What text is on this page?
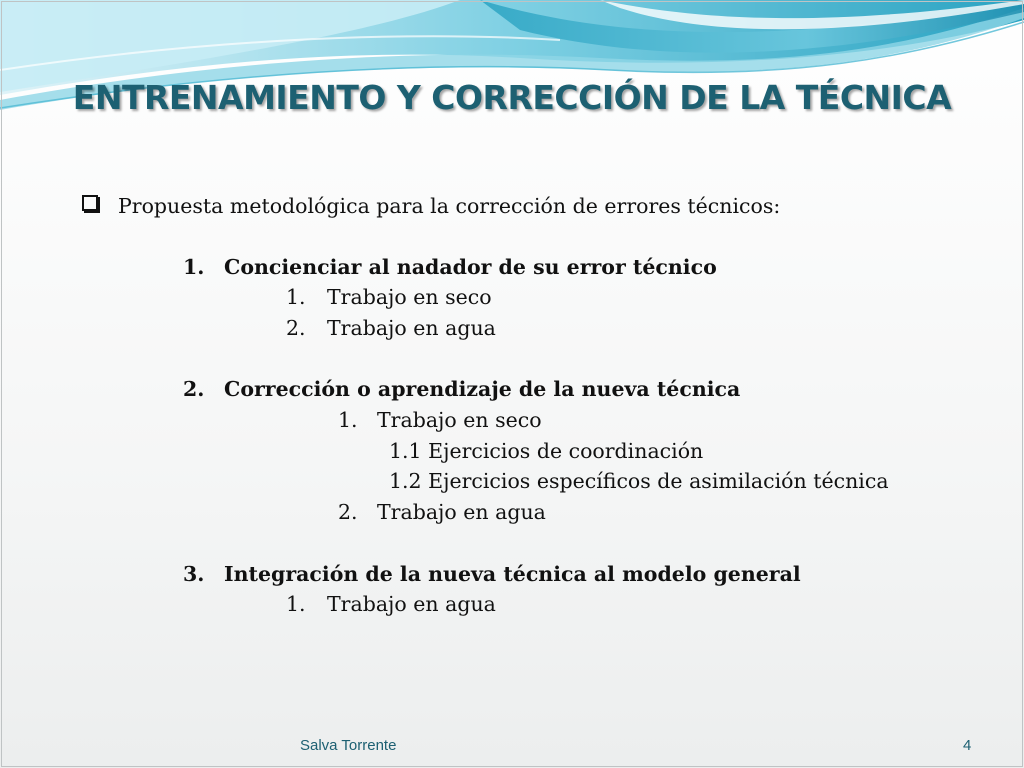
ENTRENAMIENTO Y CORRECCIÓN DE LA TÉCNICA
Propuesta metodológica para la corrección de errores técnicos:
1. Concienciar al nadador de su error técnico
1. Trabajo en seco
2. Trabajo en agua
2. Corrección o aprendizaje de la nueva técnica
1. Trabajo en seco
1.1 Ejercicios de coordinación
1.2 Ejercicios específicos de asimilación técnica
2. Trabajo en agua
3. Integración de la nueva técnica al modelo general
1. Trabajo en agua
Salva Torrente	4
